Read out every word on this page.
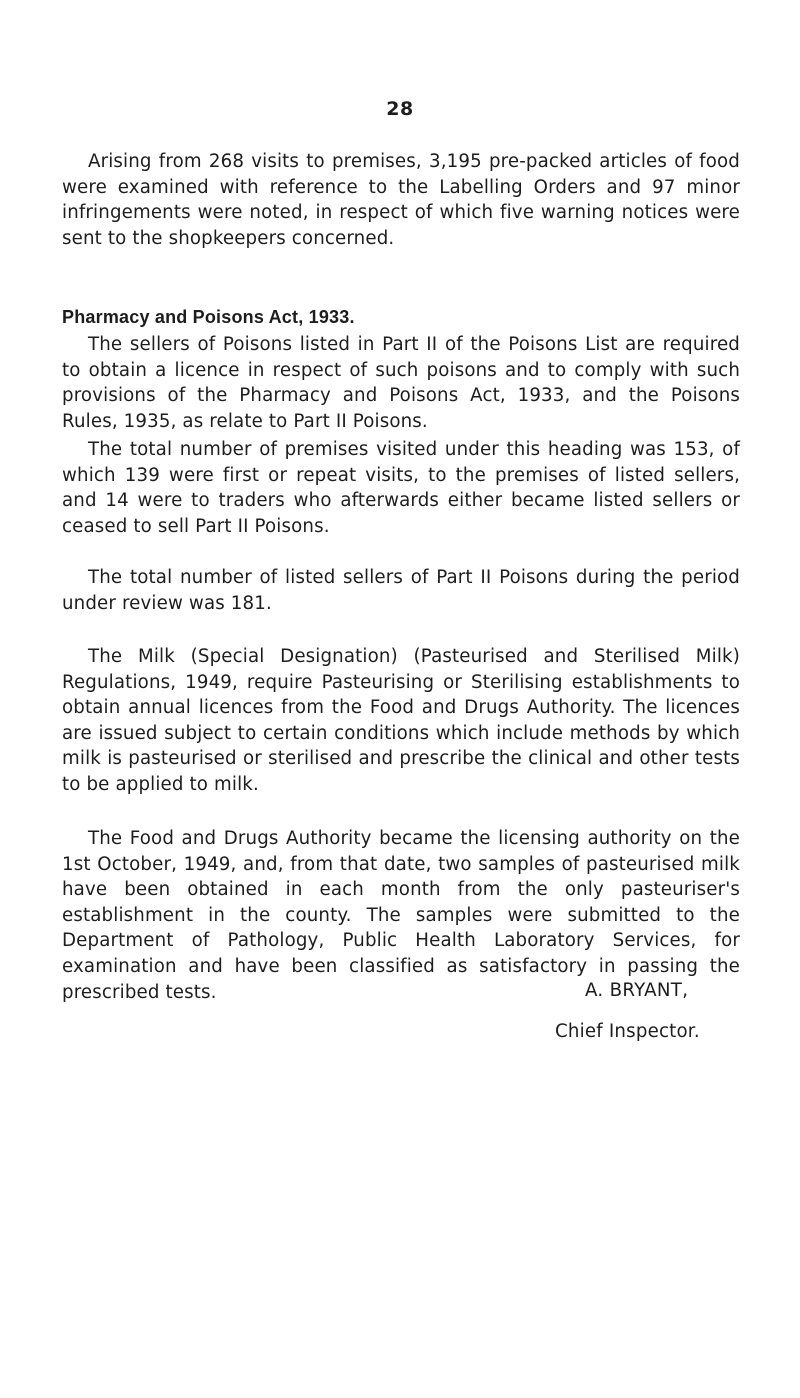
28

Arising from 268 visits to premises, 3,195 pre-packed articles of food were examined with reference to the Labelling Orders and 97 minor infringements were noted, in respect of which five warning notices were sent to the shopkeepers concerned.

Pharmacy and Poisons Act, 1933.

The sellers of Poisons listed in Part II of the Poisons List are required to obtain a licence in respect of such poisons and to comply with such provisions of the Pharmacy and Poisons Act, 1933, and the Poisons Rules, 1935, as relate to Part II Poisons.

The total number of premises visited under this heading was 153, of which 139 were first or repeat visits, to the premises of listed sellers, and 14 were to traders who afterwards either became listed sellers or ceased to sell Part II Poisons.

The total number of listed sellers of Part II Poisons during the period under review was 181.

The Milk (Special Designation) (Pasteurised and Sterilised Milk) Regulations, 1949, require Pasteurising or Sterilising establishments to obtain annual licences from the Food and Drugs Authority. The licences are issued subject to certain conditions which include methods by which milk is pasteurised or sterilised and prescribe the clinical and other tests to be applied to milk.

The Food and Drugs Authority became the licensing authority on the 1st October, 1949, and, from that date, two samples of pasteurised milk have been obtained in each month from the only pasteuriser's establishment in the county. The samples were submitted to the Department of Pathology, Public Health Laboratory Services, for examination and have been classified as satisfactory in passing the prescribed tests.	A. BRYANT,
Chief Inspector.
